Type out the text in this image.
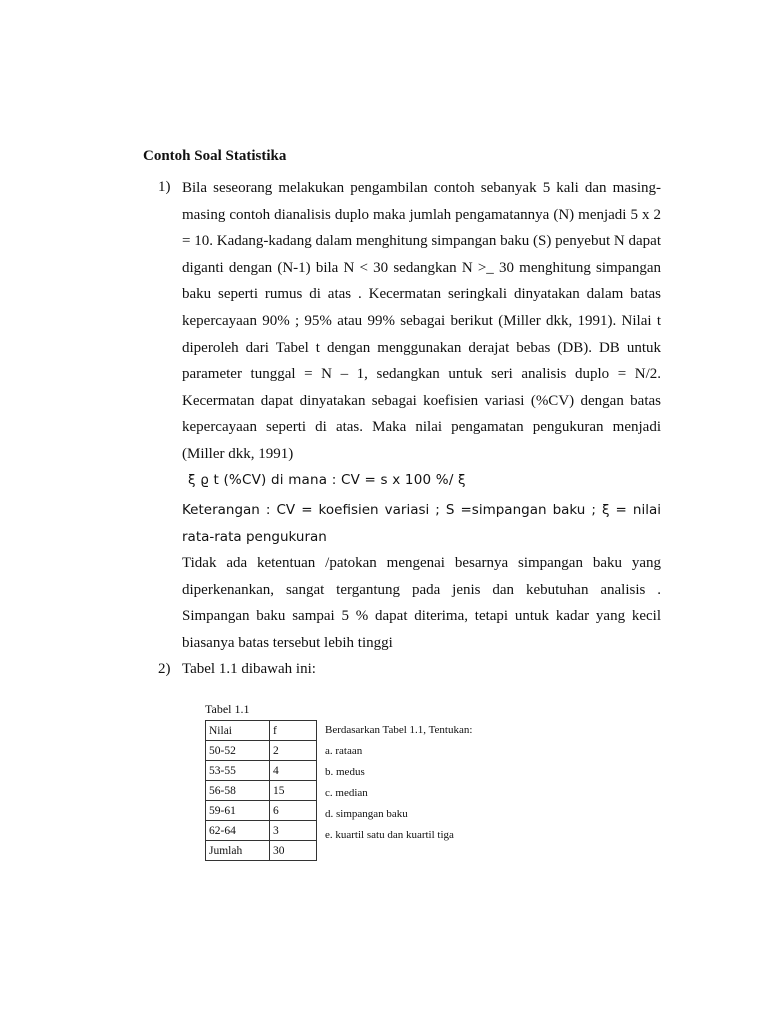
Contoh Soal Statistika
1) Bila seseorang melakukan pengambilan contoh sebanyak 5 kali dan masing-masing contoh dianalisis duplo maka jumlah pengamatannya (N) menjadi 5 x 2 = 10. Kadang-kadang dalam menghitung simpangan baku (S) penyebut N dapat diganti dengan (N-1) bila N < 30 sedangkan N >_ 30 menghitung simpangan baku seperti rumus di atas . Kecermatan seringkali dinyatakan dalam batas kepercayaan 90% ; 95% atau 99% sebagai berikut (Miller dkk, 1991). Nilai t diperoleh dari Tabel t dengan menggunakan derajat bebas (DB). DB untuk parameter tunggal = N – 1, sedangkan untuk seri analisis duplo = N/2. Kecermatan dapat dinyatakan sebagai koefisien variasi (%CV) dengan batas kepercayaan seperti di atas. Maka nilai pengamatan pengukuran menjadi (Miller dkk, 1991)

ξ ϱ t (%CV) di mana : CV = s x 100 %/ ξ

Keterangan : CV = koefisien variasi ; S =simpangan baku ; ξ = nilai rata-rata pengukuran

Tidak ada ketentuan /patokan mengenai besarnya simpangan baku yang diperkenankan, sangat tergantung pada jenis dan kebutuhan analisis . Simpangan baku sampai 5 % dapat diterima, tetapi untuk kadar yang kecil biasanya batas tersebut lebih tinggi

2) Tabel 1.1 dibawah ini:
Tabel 1.1
Nilai	f
50-52	2
53-55	4
56-58	15
59-61	6
62-64	3
Jumlah	30
Berdasarkan Tabel 1.1, Tentukan:
a. rataan
b. medus
c. median
d. simpangan baku
e. kuartil satu dan kuartil tiga
